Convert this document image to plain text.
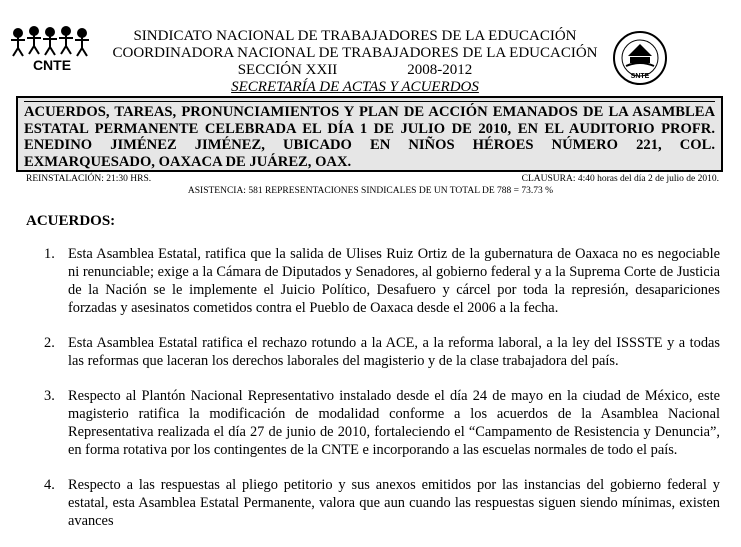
CNTE
SNTE
SINDICATO NACIONAL DE TRABAJADORES DE LA EDUCACIÓN
COORDINADORA NACIONAL DE TRABAJADORES DE LA EDUCACIÓN
SECCIÓN XXII	2008-2012
SECRETARÍA DE ACTAS Y ACUERDOS
ACUERDOS, TAREAS, PRONUNCIAMIENTOS Y PLAN DE ACCIÓN EMANADOS DE LA ASAMBLEA ESTATAL PERMANENTE CELEBRADA EL DÍA 1 DE JULIO DE 2010, EN EL AUDITORIO PROFR. ENEDINO JIMÉNEZ JIMÉNEZ, UBICADO EN NIÑOS HÉROES NÚMERO 221, COL. EXMARQUESADO, OAXACA DE JUÁREZ, OAX.
REINSTALACIÓN: 21:30 HRS.	CLAUSURA: 4:40 horas del día 2 de julio de 2010.
ASISTENCIA: 581 REPRESENTACIONES SINDICALES DE UN TOTAL DE 788 = 73.73 %
ACUERDOS:
1. Esta Asamblea Estatal, ratifica que la salida de Ulises Ruiz Ortiz de la gubernatura de Oaxaca no es negociable ni renunciable; exige a la Cámara de Diputados y Senadores, al gobierno federal y a la Suprema Corte de Justicia de la Nación se le implemente el Juicio Político, Desafuero y cárcel por toda la represión, desapariciones forzadas y asesinatos cometidos contra el Pueblo de Oaxaca desde el 2006 a la fecha.
2. Esta Asamblea Estatal ratifica el rechazo rotundo a la ACE, a la reforma laboral, a la ley del ISSSTE y a todas las reformas que laceran los derechos laborales del magisterio y de la clase trabajadora del país.
3. Respecto al Plantón Nacional Representativo instalado desde el día 24 de mayo en la ciudad de México, este magisterio ratifica la modificación de modalidad conforme a los acuerdos de la Asamblea Nacional Representativa realizada el día 27 de junio de 2010, fortaleciendo el “Campamento de Resistencia y Denuncia”, en forma rotativa por los contingentes de la CNTE e incorporando a las escuelas normales de todo el país.
4. Respecto a las respuestas al pliego petitorio y sus anexos emitidos por las instancias del gobierno federal y estatal, esta Asamblea Estatal Permanente, valora que aun cuando las respuestas siguen siendo mínimas, existen avances
